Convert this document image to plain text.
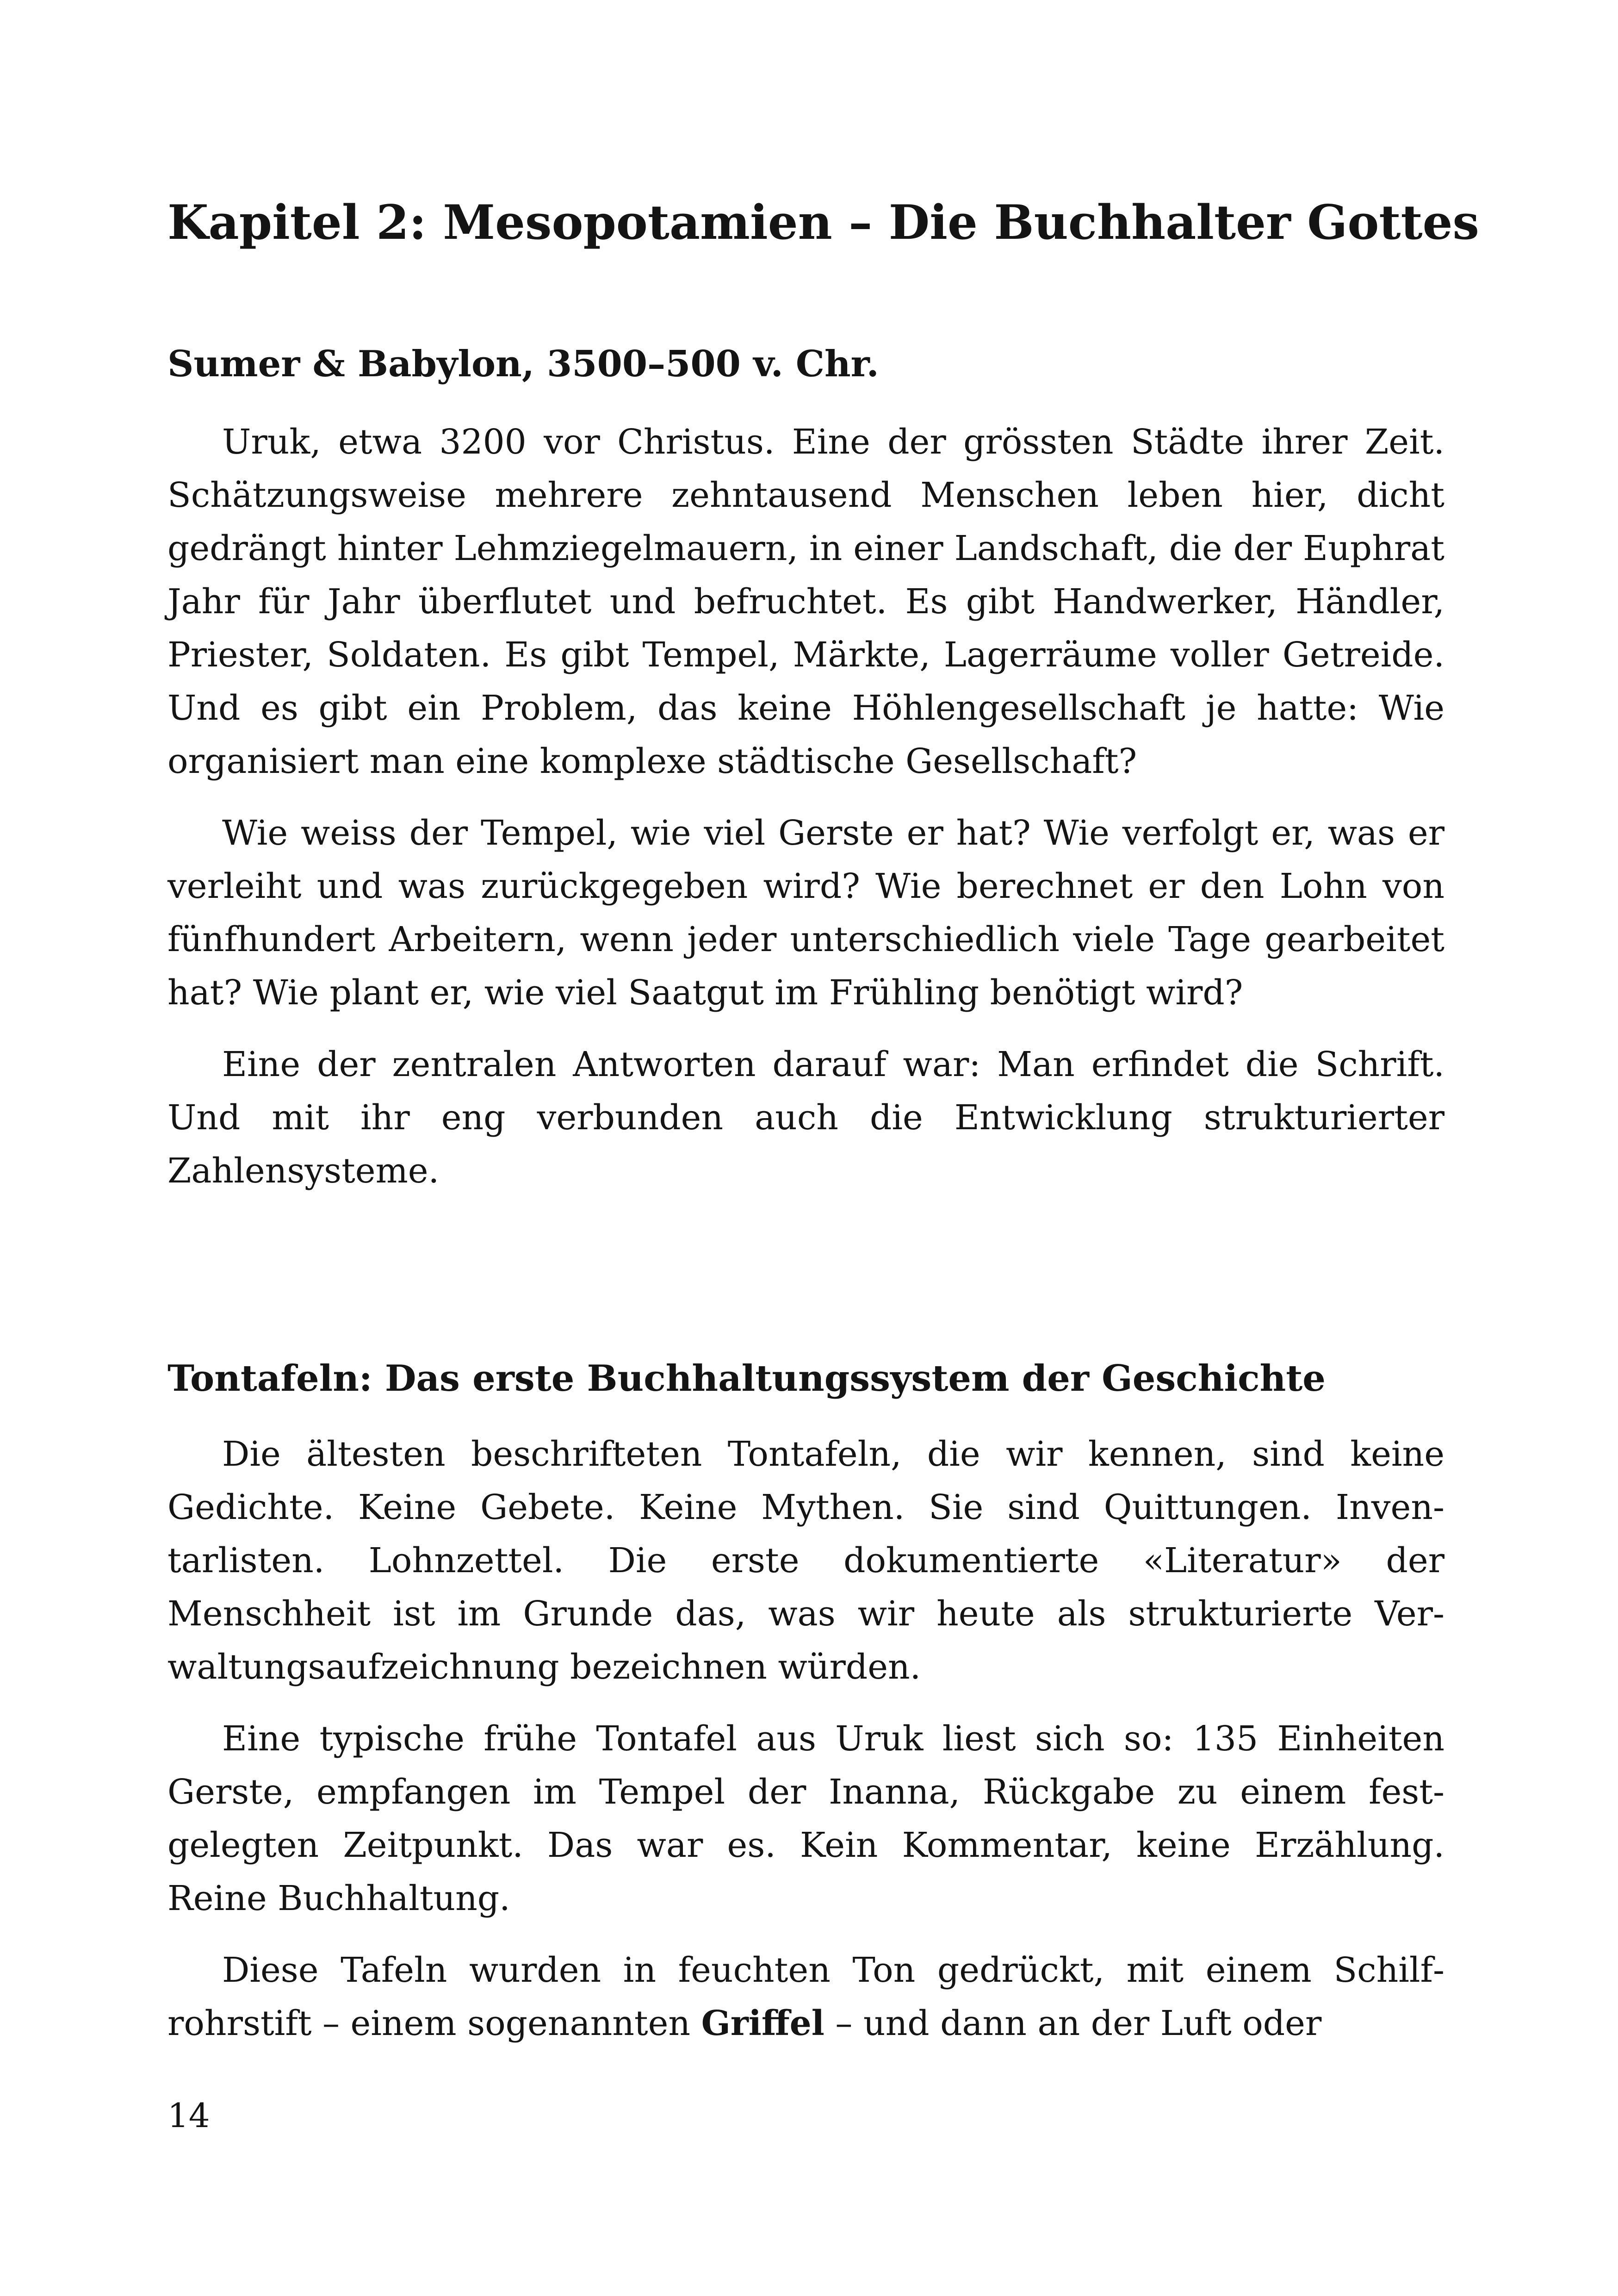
Kapitel 2: Mesopotamien – Die Buchhalter Gottes
Sumer & Babylon, 3500–500 v. Chr.

Uruk, etwa 3200 vor Christus. Eine der grössten Städte ihrer Zeit. Schätzungsweise mehrere zehntausend Menschen leben hier, dicht gedrängt hinter Lehmziegelmauern, in einer Landschaft, die der Euphrat Jahr für Jahr überflutet und befruchtet. Es gibt Handwerker, Händler, Priester, Soldaten. Es gibt Tempel, Märkte, Lagerräume voller Getreide. Und es gibt ein Problem, das keine Höhlengesellschaft je hatte: Wie organisiert man eine komplexe städtische Gesellschaft?

Wie weiss der Tempel, wie viel Gerste er hat? Wie verfolgt er, was er verleiht und was zurückgegeben wird? Wie berechnet er den Lohn von fünfhundert Arbeitern, wenn jeder unterschiedlich viele Tage gearbeitet hat? Wie plant er, wie viel Saatgut im Frühling benötigt wird?

Eine der zentralen Antworten darauf war: Man erfindet die Schrift. Und mit ihr eng verbunden auch die Entwicklung strukturierter Zahlensysteme.

Tontafeln: Das erste Buchhaltungssystem der Geschichte

Die ältesten beschrifteten Tontafeln, die wir kennen, sind keine Gedichte. Keine Gebete. Keine Mythen. Sie sind Quittungen. Inventarlisten. Lohnzettel. Die erste dokumentierte «Literatur» der Menschheit ist im Grunde das, was wir heute als strukturierte Verwaltungsaufzeichnung bezeichnen würden.

Eine typische frühe Tontafel aus Uruk liest sich so: 135 Einheiten Gerste, empfangen im Tempel der Inanna, Rückgabe zu einem festgelegten Zeitpunkt. Das war es. Kein Kommentar, keine Erzählung. Reine Buchhaltung.

Diese Tafeln wurden in feuchten Ton gedrückt, mit einem Schilfrohrstift – einem sogenannten Griffel – und dann an der Luft oder

14
